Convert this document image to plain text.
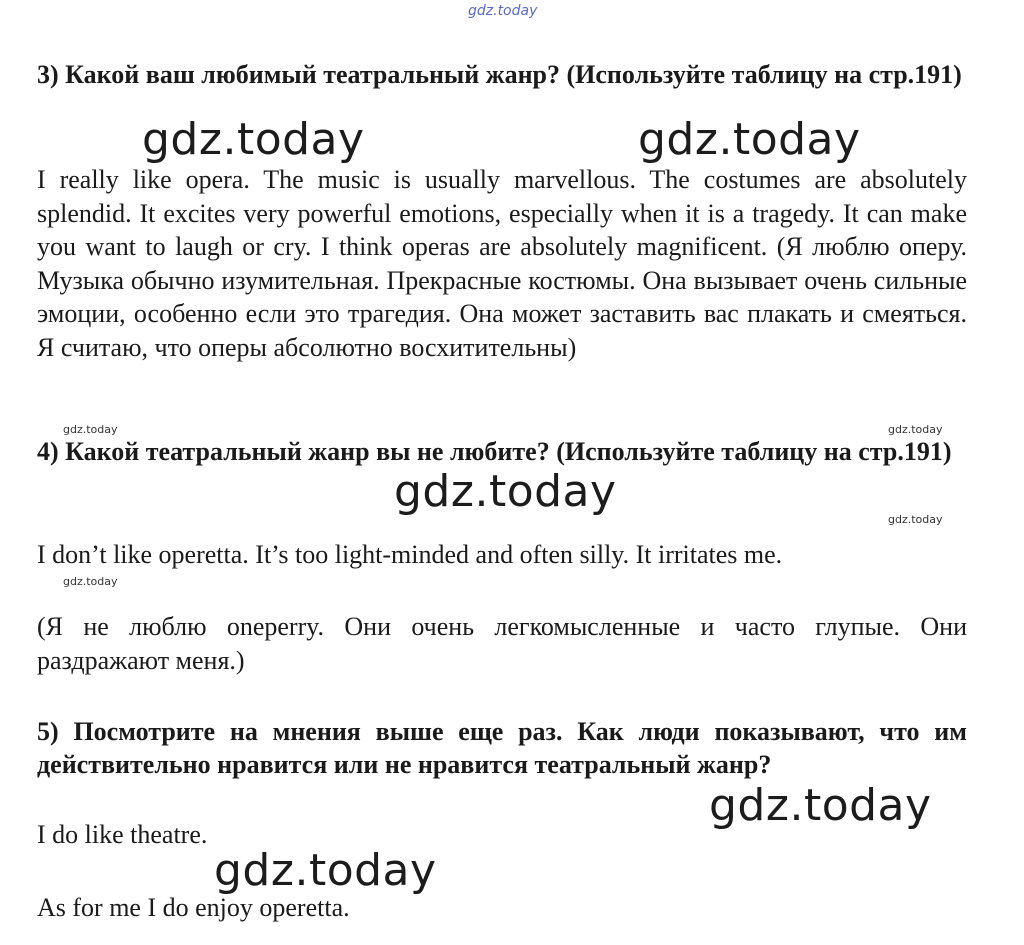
gdz.today
gdz.today	gdz.today
gdz.today	gdz.today
gdz.today
gdz.today
gdz.today
gdz.today
gdz.today
3) Какой ваш любимый театральный жанр? (Используйте таблицу на стр.191)
I really like opera. The music is usually marvellous. The costumes are absolutely splendid. It excites very powerful emotions, especially when it is a tragedy. It can make you want to laugh or cry. I think operas are absolutely magnificent. (Я люблю оперу. Музыка обычно изумительная. Прекрасные костюмы. Она вызывает очень сильные эмоции, особенно если это трагедия. Она может заставить вас плакать и смеяться. Я считаю, что оперы абсолютно восхитительны)
4) Какой театральный жанр вы не любите? (Используйте таблицу на стр.191)
I don’t like operetta. It’s too light-minded and often silly. It irritates me.
(Я не люблю оneperry. Они очень легкомысленные и часто глупые. Они раздражают меня.)
5) Посмотрите на мнения выше еще раз. Как люди показывают, что им действительно нравится или не нравится театральный жанр?
I do like theatre.
As for me I do enjoy operetta.
